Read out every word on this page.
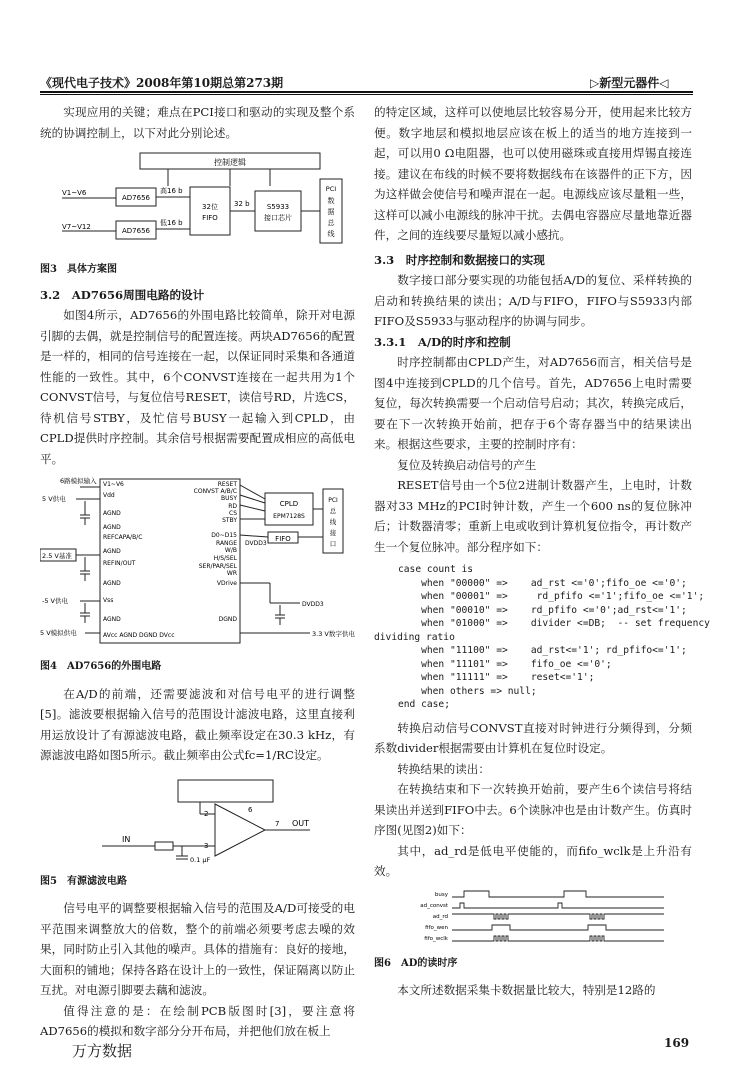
《现代电子技术》2008年第10期总第273期	▷新型元器件◁

实现应用的关键；难点在PCI接口和驱动的实现及整个系统的协调控制上，以下对此分别论述。

控制逻辑
AD7656
AD7656
V1~V6
V7~V12
高16 b
低16 b
32位
FIFO
32 b S5933
接口芯片
PCI
数
据
总
线

图3　具体方案图

3.2　AD7656周围电路的设计

如图4所示，AD7656的外围电路比较简单，除开对电源引脚的去偶，就是控制信号的配置连接。两块AD7656的配置是一样的，相同的信号连接在一起，以保证同时采集和各通道性能的一致性。其中，6个CONVST连接在一起共用为1个CONVST信号，与复位信号RESET，读信号RD，片选CS，待机信号STBY，及忙信号BUSY一起输入到CPLD，由CPLD提供时序控制。其余信号根据需要配置成相应的高低电平。

6路模拟输入
5 V供电
2.5 V基准
-5 V供电
5 V模拟供电
V1~V6
Vdd
AGND
AGND
REFCAPA/B/C
AGND
REFIN/OUT
AGND
Vss
AGND
AVcc AGND DGND DVcc
RESET
CONVST A/B/C
BUSY
RD
CS
STBY
D0~D15
RANGE
W/B
H/S/SEL
SER/PAR/SEL
WR
VDrive
DGND
CPLD
EPM7128S
FIFO
PCI
总
线
接
口
DVDD3
DVDD3
3.3 V数字供电

图4　AD7656的外围电路

在A/D的前端，还需要滤波和对信号电平的进行调整[5]。滤波要根据输入信号的范围设计滤波电路，这里直接利用运放设计了有源滤波电路，截止频率设定在30.3 kHz，有源滤波电路如图5所示。截止频率由公式fc=1/RC设定。

6
7
2
3
OUT
IN
0.1 μF

图5　有源滤波电路

信号电平的调整要根据输入信号的范围及A/D可接受的电平范围来调整放大的倍数，整个的前端必须要考虑去噪的效果，同时防止引入其他的噪声。具体的措施有：良好的接地，大面积的铺地；保持各路在设计上的一致性，保证隔离以防止互扰。对电源引脚要去藕和滤波。

值得注意的是：在绘制PCB版图时[3]，要注意将AD7656的模拟和数字部分分开布局，并把他们放在板上

的特定区域，这样可以使地层比较容易分开，使用起来比较方便。数字地层和模拟地层应该在板上的适当的地方连接到一起，可以用0 Ω电阻器，也可以使用磁珠或直接用焊锡直接连接。建议在布线的时候不要将数据线布在该器件的正下方，因为这样做会使信号和噪声混在一起。电源线应该尽量粗一些，这样可以减小电源线的脉冲干扰。去偶电容器应尽量地靠近器件，之间的连线要尽量短以减小感抗。

3.3　时序控制和数据接口的实现

数字接口部分要实现的功能包括A/D的复位、采样转换的启动和转换结果的读出；A/D与FIFO，FIFO与S5933内部FIFO及S5933与驱动程序的协调与同步。

3.3.1　A/D的时序和控制

时序控制都由CPLD产生，对AD7656而言，相关信号是图4中连接到CPLD的几个信号。首先，AD7656上电时需要复位，每次转换需要一个启动信号启动；其次，转换完成后，要在下一次转换开始前，把存于6个寄存器当中的结果读出来。根据这些要求，主要的控制时序有：

复位及转换启动信号的产生

RESET信号由一个5位2进制计数器产生，上电时，计数器对33 MHz的PCI时钟计数，产生一个600 ns的复位脉冲后；计数器清零；重新上电或收到计算机复位指令，再计数产生一个复位脉冲。部分程序如下：

case count is

when "00000" =>    ad_rst <='0';fifo_oe <='0';

when "00001" =>     rd_pfifo <='1';fifo_oe <='1';

when "00010" =>    rd_pfifo <='0';ad_rst<='1';

when "01000" =>    divider <=DB;  -- set frequency

dividing ratio

when "11100" =>    ad_rst<='1'; rd_pfifo<='1';

when "11101" =>    fifo_oe <='0';

when "11111" =>    reset<='1';

when others => null;

end case;

转换启动信号CONVST直接对时钟进行分频得到，分频系数divider根据需要由计算机在复位时设定。

转换结果的读出：

在转换结束和下一次转换开始前，要产生6个读信号将结果读出并送到FIFO中去。6个读脉冲也是由计数产生。仿真时序图(见图2)如下：

其中，ad_rd是低电平使能的，而fifo_wclk是上升沿有效。

busy
ad_convst
ad_rd
fifo_wen
fifo_wclk

图6　AD的读时序

本文所述数据采集卡数据量比较大，特别是12路的

169
万方数据
